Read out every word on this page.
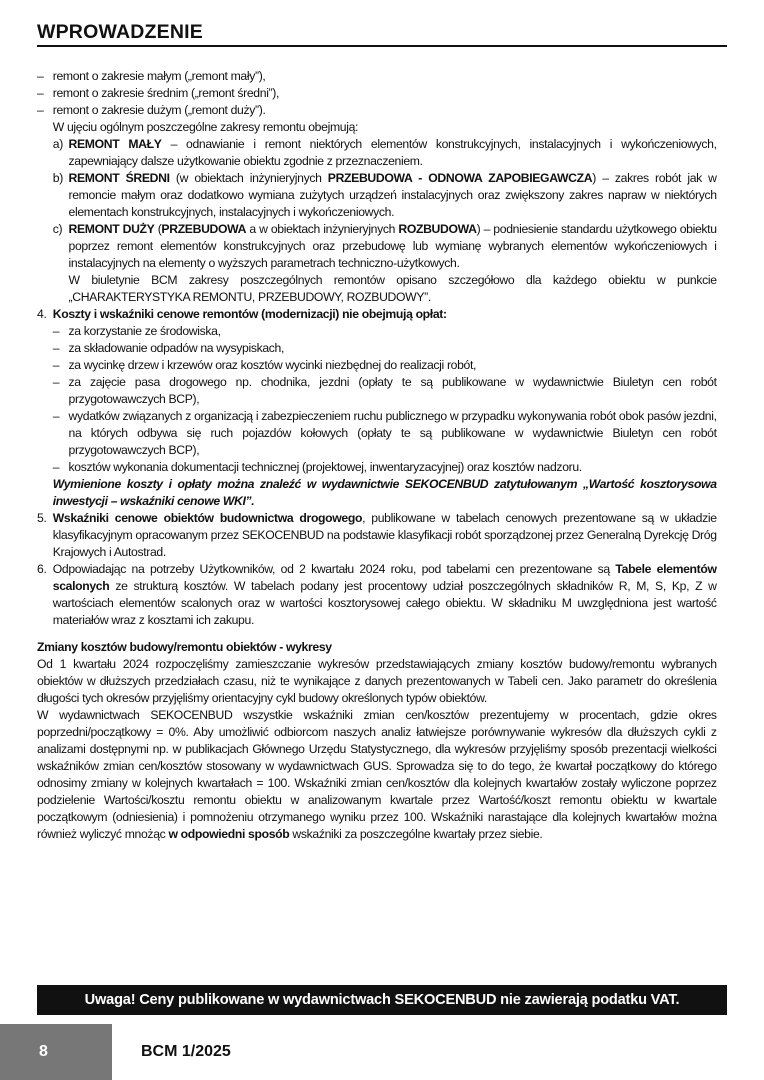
WPROWADZENIE
– remont o zakresie małym („remont mały”),
– remont o zakresie średnim („remont średni”),
– remont o zakresie dużym („remont duży”).
W ujęciu ogólnym poszczególne zakresy remontu obejmują:
a) REMONT MAŁY – odnawianie i remont niektórych elementów konstrukcyjnych, instalacyjnych i wykończeniowych, zapewniający dalsze użytkowanie obiektu zgodnie z przeznaczeniem.
b) REMONT ŚREDNI (w obiektach inżynieryjnych PRZEBUDOWA - ODNOWA ZAPOBIEGAWCZA) – zakres robót jak w remoncie małym oraz dodatkowo wymiana zużytych urządzeń instalacyjnych oraz zwiększony zakres napraw w niektórych elementach konstrukcyjnych, instalacyjnych i wykończeniowych.
c) REMONT DUŻY (PRZEBUDOWA a w obiektach inżynieryjnych ROZBUDOWA) – podniesienie standardu użytkowego obiektu poprzez remont elementów konstrukcyjnych oraz przebudowę lub wymianę wybranych elementów wykończeniowych i instalacyjnych na elementy o wyższych parametrach techniczno-użytkowych.
W biuletynie BCM zakresy poszczególnych remontów opisano szczegółowo dla każdego obiektu w punkcie „CHARAKTERYSTYKA REMONTU, PRZEBUDOWY, ROZBUDOWY”.
4. Koszty i wskaźniki cenowe remontów (modernizacji) nie obejmują opłat:
– za korzystanie ze środowiska,
– za składowanie odpadów na wysypiskach,
– za wycinkę drzew i krzewów oraz kosztów wycinki niezbędnej do realizacji robót,
– za zajęcie pasa drogowego np. chodnika, jezdni (opłaty te są publikowane w wydawnictwie Biuletyn cen robót przygotowawczych BCP),
– wydatków związanych z organizacją i zabezpieczeniem ruchu publicznego w przypadku wykonywania robót obok pasów jezdni, na których odbywa się ruch pojazdów kołowych (opłaty te są publikowane w wydawnictwie Biuletyn cen robót przygotowawczych BCP),
– kosztów wykonania dokumentacji technicznej (projektowej, inwentaryzacyjnej) oraz kosztów nadzoru.
Wymienione koszty i opłaty można znaleźć w wydawnictwie SEKOCENBUD zatytułowanym „Wartość kosztorysowa inwestycji – wskaźniki cenowe WKI”.
5. Wskaźniki cenowe obiektów budownictwa drogowego, publikowane w tabelach cenowych prezentowane są w układzie klasyfikacyjnym opracowanym przez SEKOCENBUD na podstawie klasyfikacji robót sporządzonej przez Generalną Dyrekcję Dróg Krajowych i Autostrad.
6. Odpowiadając na potrzeby Użytkowników, od 2 kwartału 2024 roku, pod tabelami cen prezentowane są Tabele elementów scalonych ze strukturą kosztów. W tabelach podany jest procentowy udział poszczególnych składników R, M, S, Kp, Z w wartościach elementów scalonych oraz w wartości kosztorysowej całego obiektu. W składniku M uwzględniona jest wartość materiałów wraz z kosztami ich zakupu.
Zmiany kosztów budowy/remontu obiektów - wykresy
Od 1 kwartału 2024 rozpoczęliśmy zamieszczanie wykresów przedstawiających zmiany kosztów budowy/remontu wybranych obiektów w dłuższych przedziałach czasu, niż te wynikające z danych prezentowanych w Tabeli cen. Jako parametr do określenia długości tych okresów przyjęliśmy orientacyjny cykl budowy określonych typów obiektów.
W wydawnictwach SEKOCENBUD wszystkie wskaźniki zmian cen/kosztów prezentujemy w procentach, gdzie okres poprzedni/początkowy = 0%. Aby umożliwić odbiorcom naszych analiz łatwiejsze porównywanie wykresów dla dłuższych cykli z analizami dostępnymi np. w publikacjach Głównego Urzędu Statystycznego, dla wykresów przyjęliśmy sposób prezentacji wielkości wskaźników zmian cen/kosztów stosowany w wydawnictwach GUS. Sprowadza się to do tego, że kwartał początkowy do którego odnosimy zmiany w kolejnych kwartałach = 100. Wskaźniki zmian cen/kosztów dla kolejnych kwartałów zostały wyliczone poprzez podzielenie Wartości/kosztu remontu obiektu w analizowanym kwartale przez Wartość/koszt remontu obiektu w kwartale początkowym (odniesienia) i pomnożeniu otrzymanego wyniku przez 100. Wskaźniki narastające dla kolejnych kwartałów można również wyliczyć mnożąc w odpowiedni sposób wskaźniki za poszczególne kwartały przez siebie.
Uwaga! Ceny publikowane w wydawnictwach SEKOCENBUD nie zawierają podatku VAT.
8	BCM 1/2025
